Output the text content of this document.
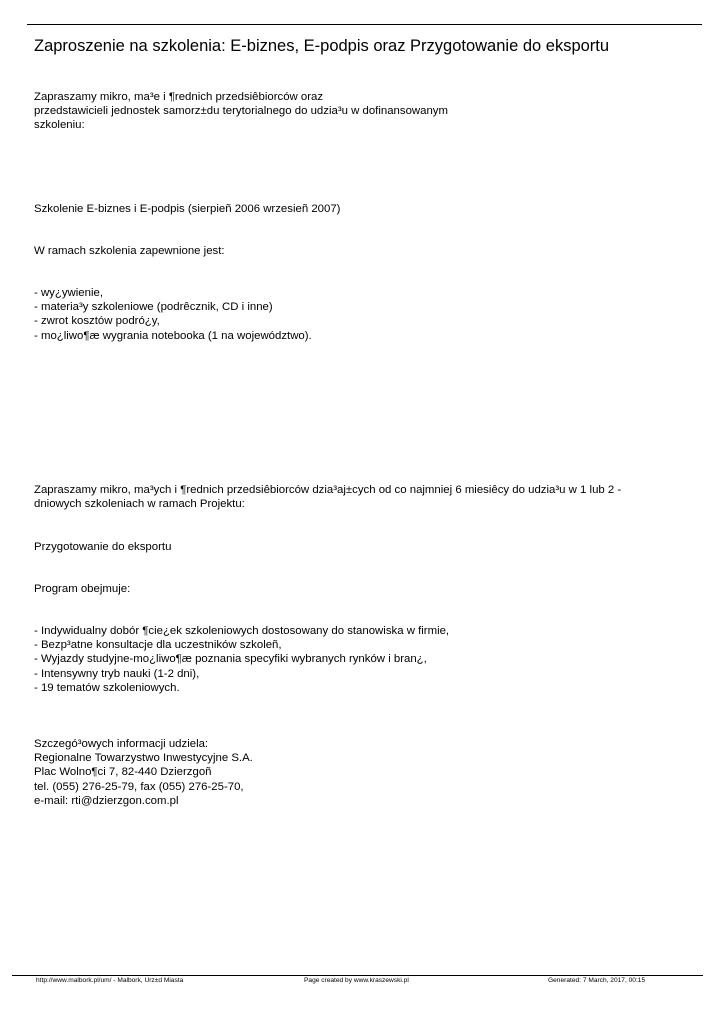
Zaproszenie na szkolenia: E-biznes, E-podpis oraz Przygotowanie do eksportu
Zapraszamy mikro, ma³e i ¶rednich przedsiêbiorców oraz
przedstawicieli jednostek samorz±du terytorialnego do udzia³u w dofinansowanym
szkoleniu:
Szkolenie E-biznes i E-podpis (sierpieñ 2006 wrzesieñ 2007)
W ramach szkolenia zapewnione jest:
- wy¿ywienie,
- materia³y szkoleniowe (podrêcznik, CD i inne)
- zwrot kosztów podró¿y,
- mo¿liwo¶æ wygrania notebooka (1 na województwo).
Zapraszamy mikro, ma³ych i ¶rednich przedsiêbiorców dzia³aj±cych od co najmniej 6 miesiêcy do udzia³u w 1 lub 2 -
dniowych szkoleniach w ramach Projektu:
Przygotowanie do eksportu
Program obejmuje:
- Indywidualny dobór ¶cie¿ek szkoleniowych dostosowany do stanowiska w firmie,
- Bezp³atne konsultacje dla uczestników szkoleñ,
- Wyjazdy studyjne-mo¿liwo¶æ poznania specyfiki wybranych rynków i bran¿,
- Intensywny tryb nauki (1-2 dni),
- 19 tematów szkoleniowych.
Szczegó³owych informacji udziela:
Regionalne Towarzystwo Inwestycyjne S.A.
Plac Wolno¶ci 7, 82-440 Dzierzgoñ
tel. (055) 276-25-79, fax (055) 276-25-70,
e-mail: rti@dzierzgon.com.pl
http://www.malbork.pl/um/ - Malbork, Urz±d Miasta	Page created by www.kraszewski.pl	Generated: 7 March, 2017, 00:15
